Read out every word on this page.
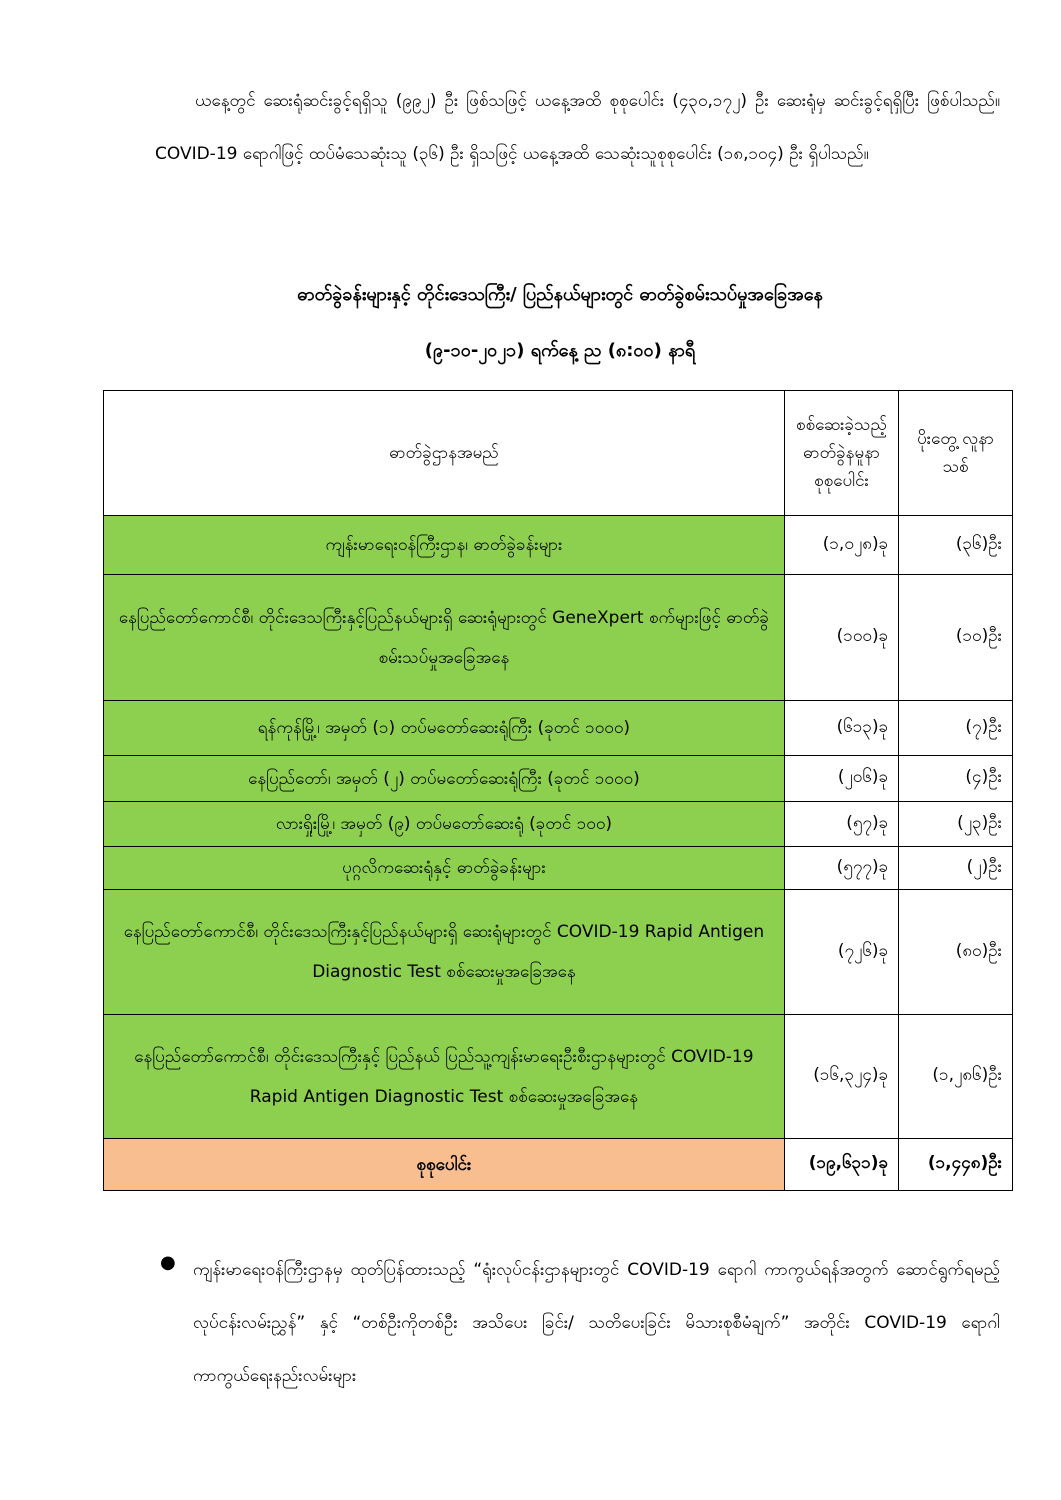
ယနေ့တွင် ဆေးရုံဆင်းခွင့်ရရှိသူ (၉၉၂) ဦး ဖြစ်သဖြင့် ယနေ့အထိ စုစုပေါင်း (၄၃၀,၁၇၂) ဦး ဆေးရုံမှ ဆင်းခွင့်ရရှိပြီး ဖြစ်ပါသည်။ COVID-19 ရောဂါဖြင့် ထပ်မံသေဆုံးသူ (၃၆) ဦး ရှိသဖြင့် ယနေ့အထိ သေဆုံးသူစုစုပေါင်း (၁၈,၁၀၄) ဦး ရှိပါသည်။

ဓာတ်ခွဲခန်းများနှင့် တိုင်းဒေသကြီး/ ပြည်နယ်များတွင် ဓာတ်ခွဲစမ်းသပ်မှုအခြေအနေ
(၉-၁၀-၂၀၂၁) ရက်နေ့ ည (၈:၀၀) နာရီ
ဓာတ်ခွဲဌာနအမည်	စစ်ဆေးခဲ့သည့် ဓာတ်ခွဲနမူနာ စုစုပေါင်း	ပိုးတွေ့ လူနာသစ်
ကျန်းမာရေးဝန်ကြီးဌာန၊ ဓာတ်ခွဲခန်းများ	(၁,၀၂၈)ခု	(၃၆)ဦး
နေပြည်တော်ကောင်စီ၊ တိုင်းဒေသကြီးနှင့်ပြည်နယ်များရှိ ဆေးရုံများတွင် GeneXpert စက်များဖြင့် ဓာတ်ခွဲစမ်းသပ်မှုအခြေအနေ	(၁၀၀)ခု	(၁၀)ဦး
ရန်ကုန်မြို့၊ အမှတ် (၁) တပ်မတော်ဆေးရုံကြီး (ခုတင် ၁၀၀၀)	(၆၁၃)ခု	(၇)ဦး
နေပြည်တော်၊ အမှတ် (၂) တပ်မတော်ဆေးရုံကြီး (ခုတင် ၁၀၀၀)	(၂၀၆)ခု	(၄)ဦး
လားရှိုးမြို့၊ အမှတ် (၉) တပ်မတော်ဆေးရုံ (ခုတင် ၁၀၀)	(၅၇)ခု	(၂၃)ဦး
ပုဂ္ဂလိကဆေးရုံနှင့် ဓာတ်ခွဲခန်းများ	(၅၇၇)ခု	(၂)ဦး
နေပြည်တော်ကောင်စီ၊ တိုင်းဒေသကြီးနှင့်ပြည်နယ်များရှိ ဆေးရုံများတွင် COVID-19 Rapid Antigen Diagnostic Test စစ်ဆေးမှုအခြေအနေ	(၇၂၆)ခု	(၈၀)ဦး
နေပြည်တော်ကောင်စီ၊ တိုင်းဒေသကြီးနှင့် ပြည်နယ် ပြည်သူ့ကျန်းမာရေးဦးစီးဌာနများတွင် COVID-19 Rapid Antigen Diagnostic Test စစ်ဆေးမှုအခြေအနေ	(၁၆,၃၂၄)ခု	(၁,၂၈၆)ဦး
စုစုပေါင်း	(၁၉,၆၃၁)ခု	(၁,၄၄၈)ဦး
● ကျန်းမာရေးဝန်ကြီးဌာနမှ ထုတ်ပြန်ထားသည့် “ရုံးလုပ်ငန်းဌာနများတွင် COVID-19 ရောဂါ ကာကွယ်ရန်အတွက် ဆောင်ရွက်ရမည့် လုပ်ငန်းလမ်းညွှန်” နှင့် “တစ်ဦးကိုတစ်ဦး အသိပေး ခြင်း/ သတိပေးခြင်း မိသားစုစီမံချက်” အတိုင်း COVID-19 ရောဂါ ကာကွယ်ရေးနည်းလမ်းများ
